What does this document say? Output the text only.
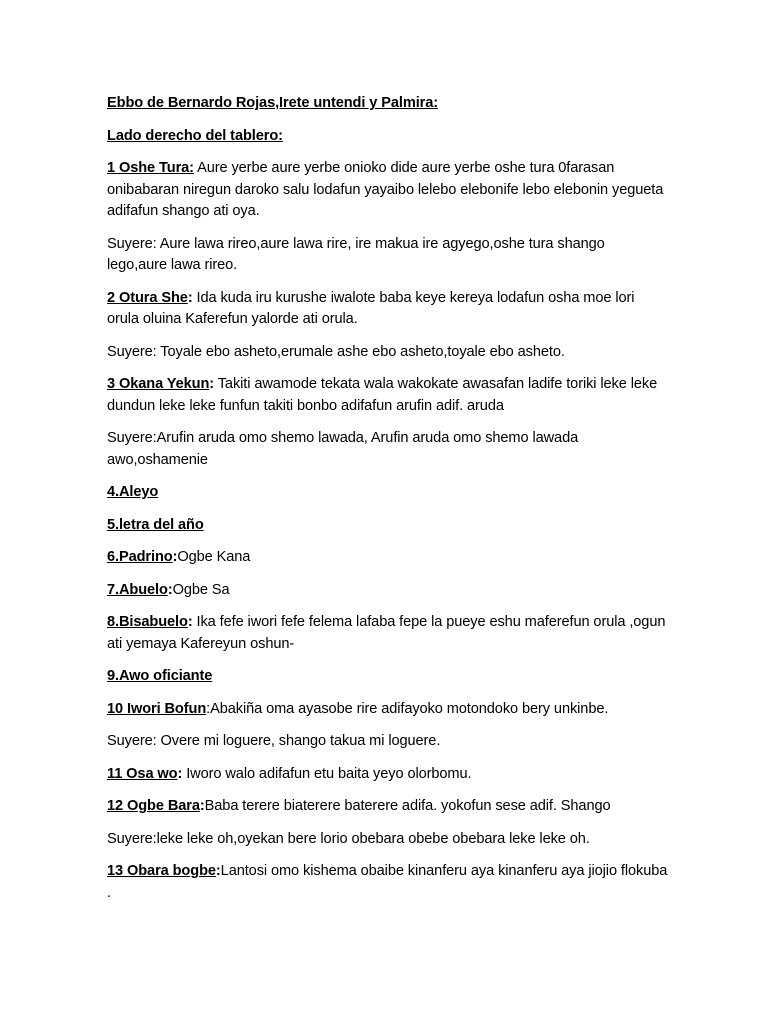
Ebbo de Bernardo Rojas,Irete untendi y Palmira:

Lado derecho del tablero:

1 Oshe Tura: Aure yerbe aure yerbe onioko dide aure yerbe oshe tura 0farasan onibabaran niregun daroko salu lodafun yayaibo lelebo elebonife lebo elebonin yegueta adifafun shango ati oya.

Suyere: Aure lawa rireo,aure lawa rire, ire makua ire agyego,oshe tura shango lego,aure lawa rireo.

2 Otura She: Ida kuda iru kurushe iwalote baba keye kereya lodafun osha moe lori orula oluina Kaferefun yalorde ati orula.

Suyere: Toyale ebo asheto,erumale ashe ebo asheto,toyale ebo asheto.

3 Okana Yekun: Takiti awamode tekata wala wakokate awasafan ladife toriki leke leke dundun leke leke funfun takiti bonbo adifafun arufin adif. aruda

Suyere:Arufin aruda omo shemo lawada, Arufin aruda omo shemo lawada awo,oshamenie

4.Aleyo

5.letra del año

6.Padrino:Ogbe Kana

7.Abuelo:Ogbe Sa

8.Bisabuelo: Ika fefe iwori fefe felema lafaba fepe la pueye eshu maferefun orula ,ogun ati yemaya Kafereyun oshun-

9.Awo oficiante

10 Iwori Bofun:Abakiña oma ayasobe rire adifayoko motondoko bery unkinbe.

Suyere: Overe mi loguere, shango takua mi loguere.

11 Osa wo: Iworo walo adifafun etu baita yeyo olorbomu.

12 Ogbe Bara:Baba terere biaterere baterere adifa. yokofun sese adif. Shango

Suyere:leke leke oh,oyekan bere lorio obebara obebe obebara leke leke oh.

13 Obara bogbe:Lantosi omo kishema obaibe kinanferu aya kinanferu aya jiojio flokuba .
